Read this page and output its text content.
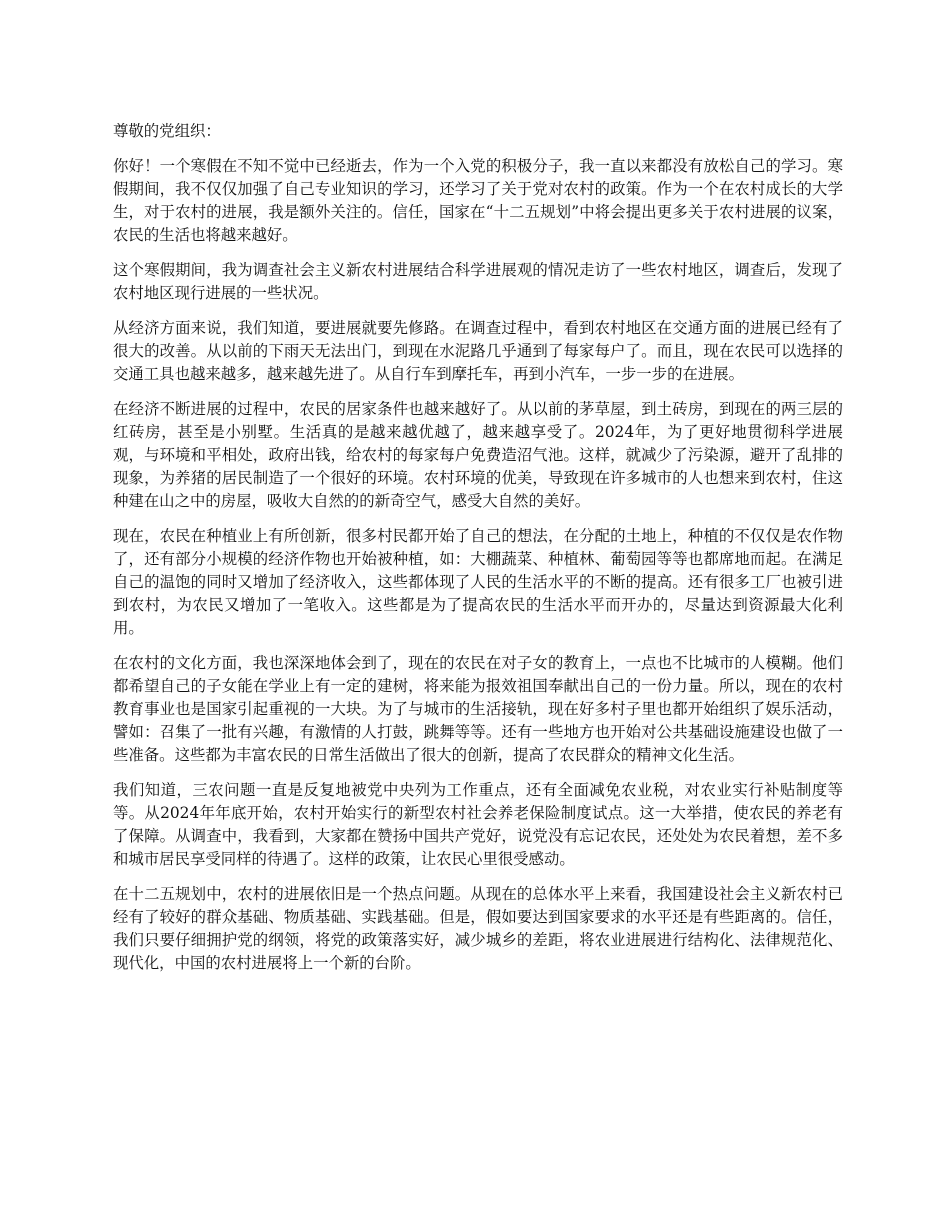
尊敬的党组织：

你好！一个寒假在不知不觉中已经逝去，作为一个入党的积极分子，我一直以来都没有放松自己的学习。寒假期间，我不仅仅加强了自己专业知识的学习，还学习了关于党对农村的政策。作为一个在农村成长的大学生，对于农村的进展，我是额外关注的。信任，国家在“十二五规划”中将会提出更多关于农村进展的议案，农民的生活也将越来越好。

这个寒假期间，我为调查社会主义新农村进展结合科学进展观的情况走访了一些农村地区，调查后，发现了农村地区现行进展的一些状况。

从经济方面来说，我们知道，要进展就要先修路。在调查过程中，看到农村地区在交通方面的进展已经有了很大的改善。从以前的下雨天无法出门，到现在水泥路几乎通到了每家每户了。而且，现在农民可以选择的交通工具也越来越多，越来越先进了。从自行车到摩托车，再到小汽车，一步一步的在进展。

在经济不断进展的过程中，农民的居家条件也越来越好了。从以前的茅草屋，到土砖房，到现在的两三层的红砖房，甚至是小别墅。生活真的是越来越优越了，越来越享受了。2024年，为了更好地贯彻科学进展观，与环境和平相处，政府出钱，给农村的每家每户免费造沼气池。这样，就减少了污染源，避开了乱排的现象，为养猪的居民制造了一个很好的环境。农村环境的优美，导致现在许多城市的人也想来到农村，住这种建在山之中的房屋，吸收大自然的的新奇空气，感受大自然的美好。

现在，农民在种植业上有所创新，很多村民都开始了自己的想法，在分配的土地上，种植的不仅仅是农作物了，还有部分小规模的经济作物也开始被种植，如：大棚蔬菜、种植林、葡萄园等等也都席地而起。在满足自己的温饱的同时又增加了经济收入，这些都体现了人民的生活水平的不断的提高。还有很多工厂也被引进到农村，为农民又增加了一笔收入。这些都是为了提高农民的生活水平而开办的，尽量达到资源最大化利用。

在农村的文化方面，我也深深地体会到了，现在的农民在对子女的教育上，一点也不比城市的人模糊。他们都希望自己的子女能在学业上有一定的建树，将来能为报效祖国奉献出自己的一份力量。所以，现在的农村教育事业也是国家引起重视的一大块。为了与城市的生活接轨，现在好多村子里也都开始组织了娱乐活动，譬如：召集了一批有兴趣，有激情的人打鼓，跳舞等等。还有一些地方也开始对公共基础设施建设也做了一些准备。这些都为丰富农民的日常生活做出了很大的创新，提高了农民群众的精神文化生活。

我们知道，三农问题一直是反复地被党中央列为工作重点，还有全面减免农业税，对农业实行补贴制度等等。从2024年年底开始，农村开始实行的新型农村社会养老保险制度试点。这一大举措，使农民的养老有了保障。从调查中，我看到，大家都在赞扬中国共产党好，说党没有忘记农民，还处处为农民着想，差不多和城市居民享受同样的待遇了。这样的政策，让农民心里很受感动。

在十二五规划中，农村的进展依旧是一个热点问题。从现在的总体水平上来看，我国建设社会主义新农村已经有了较好的群众基础、物质基础、实践基础。但是，假如要达到国家要求的水平还是有些距离的。信任，我们只要仔细拥护党的纲领，将党的政策落实好，减少城乡的差距，将农业进展进行结构化、法律规范化、现代化，中国的农村进展将上一个新的台阶。
